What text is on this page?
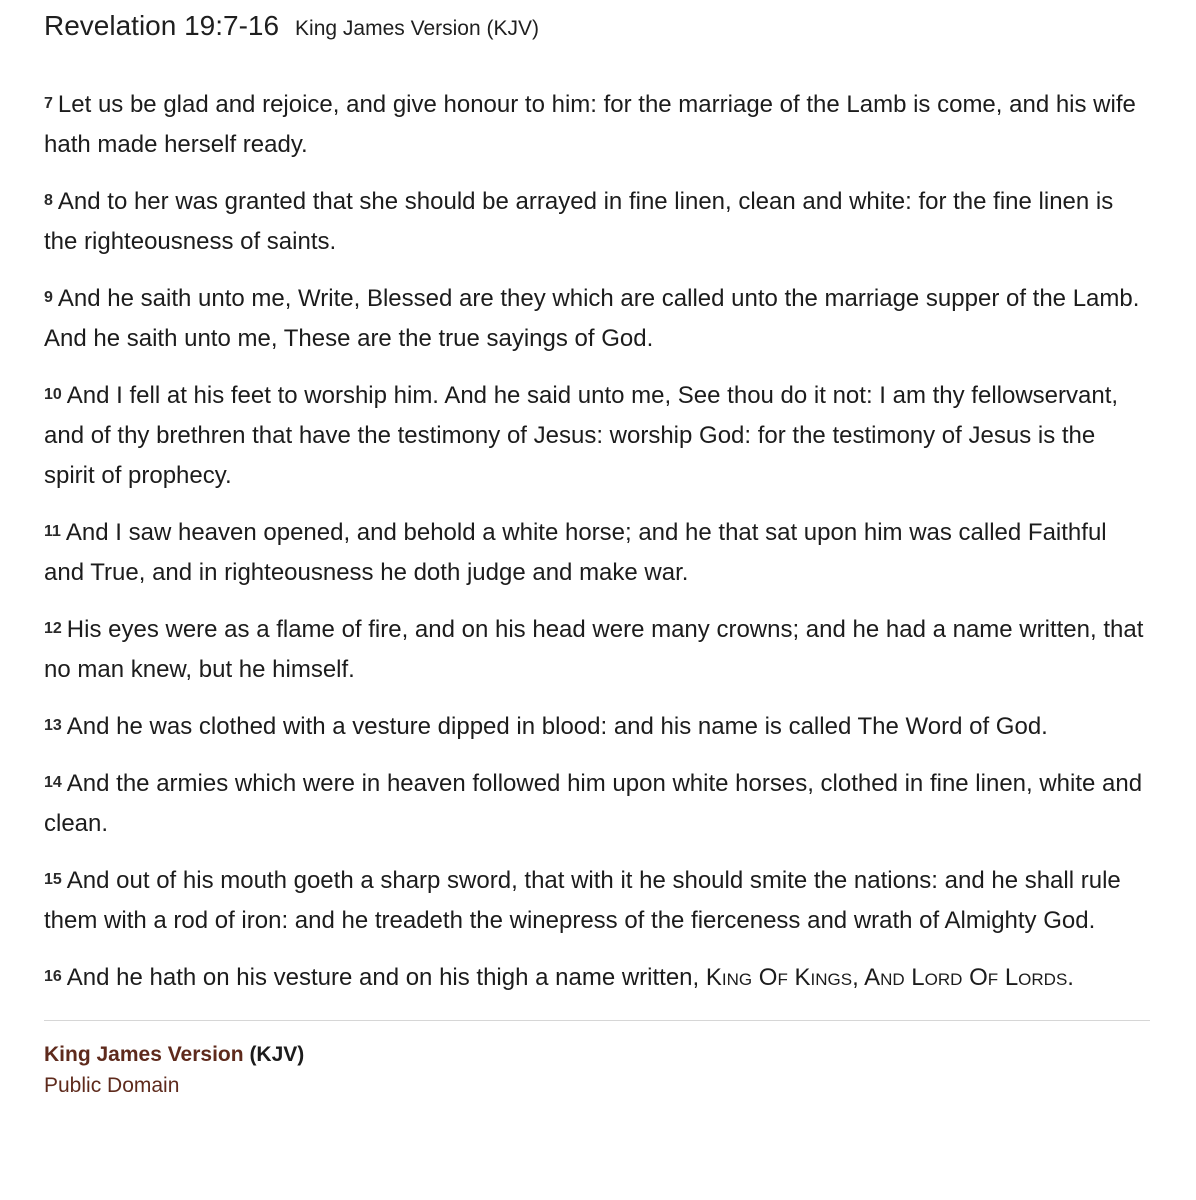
Revelation 19:7-16 King James Version (KJV)

7 Let us be glad and rejoice, and give honour to him: for the marriage of the Lamb is come, and his wife hath made herself ready.

8 And to her was granted that she should be arrayed in fine linen, clean and white: for the fine linen is the righteousness of saints.

9 And he saith unto me, Write, Blessed are they which are called unto the marriage supper of the Lamb. And he saith unto me, These are the true sayings of God.

10 And I fell at his feet to worship him. And he said unto me, See thou do it not: I am thy fellowservant, and of thy brethren that have the testimony of Jesus: worship God: for the testimony of Jesus is the spirit of prophecy.

11 And I saw heaven opened, and behold a white horse; and he that sat upon him was called Faithful and True, and in righteousness he doth judge and make war.

12 His eyes were as a flame of fire, and on his head were many crowns; and he had a name written, that no man knew, but he himself.

13 And he was clothed with a vesture dipped in blood: and his name is called The Word of God.

14 And the armies which were in heaven followed him upon white horses, clothed in fine linen, white and clean.

15 And out of his mouth goeth a sharp sword, that with it he should smite the nations: and he shall rule them with a rod of iron: and he treadeth the winepress of the fierceness and wrath of Almighty God.

16 And he hath on his vesture and on his thigh a name written, King Of Kings, And Lord Of Lords.

King James Version (KJV)
Public Domain
